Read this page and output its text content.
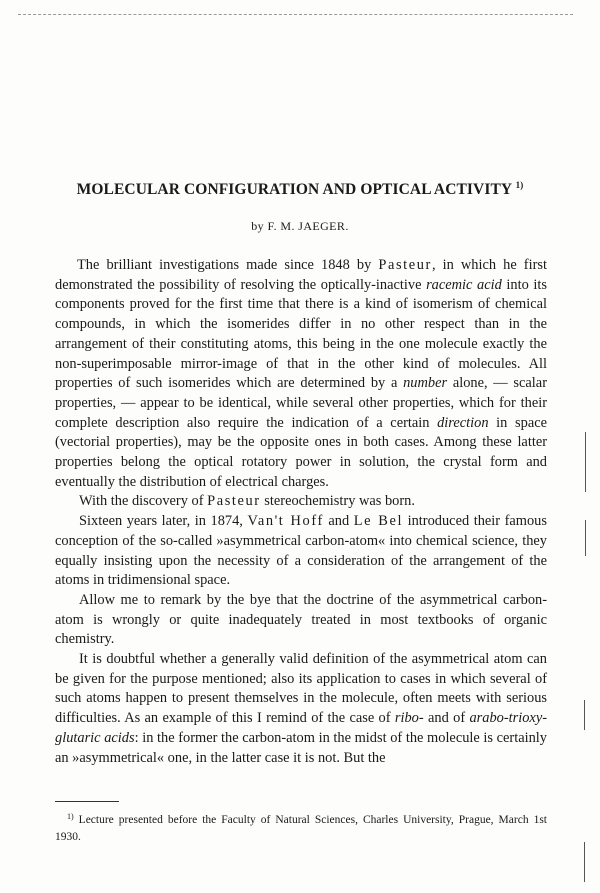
MOLECULAR CONFIGURATION AND OPTICAL ACTIVITY $^{1)}$
by F. M. JAEGER.

The brilliant investigations made since 1848 by Pasteur, in which he first demonstrated the possibility of resolving the optically-inactive racemic acid into its components proved for the first time that there is a kind of isomerism of chemical compounds, in which the isomerides differ in no other respect than in the arrangement of their constituting atoms, this being in the one molecule exactly the non-superimposable mirror-image of that in the other kind of molecules. All properties of such isomerides which are determined by a number alone, — scalar properties, — appear to be identical, while several other properties, which for their complete description also require the indication of a certain direction in space (vectorial properties), may be the opposite ones in both cases. Among these latter properties belong the optical rotatory power in solution, the crystal form and eventually the distribution of electrical charges.

With the discovery of Pasteur stereochemistry was born.

Sixteen years later, in 1874, Van't Hoff and Le Bel introduced their famous conception of the so-called »asymmetrical carbon-atom« into chemical science, they equally insisting upon the necessity of a consideration of the arrangement of the atoms in tridimensional space.

Allow me to remark by the bye that the doctrine of the asymmetrical carbon-atom is wrongly or quite inadequately treated in most textbooks of organic chemistry.

It is doubtful whether a generally valid definition of the asymmetrical atom can be given for the purpose mentioned; also its application to cases in which several of such atoms happen to present themselves in the molecule, often meets with serious difficulties. As an example of this I remind of the case of ribo- and of arabo-trioxy-glutaric acids: in the former the carbon-atom in the midst of the molecule is certainly an »asymmetrical« one, in the latter case it is not. But the

$^{1)}$ Lecture presented before the Faculty of Natural Sciences, Charles University, Prague, March 1st 1930.
